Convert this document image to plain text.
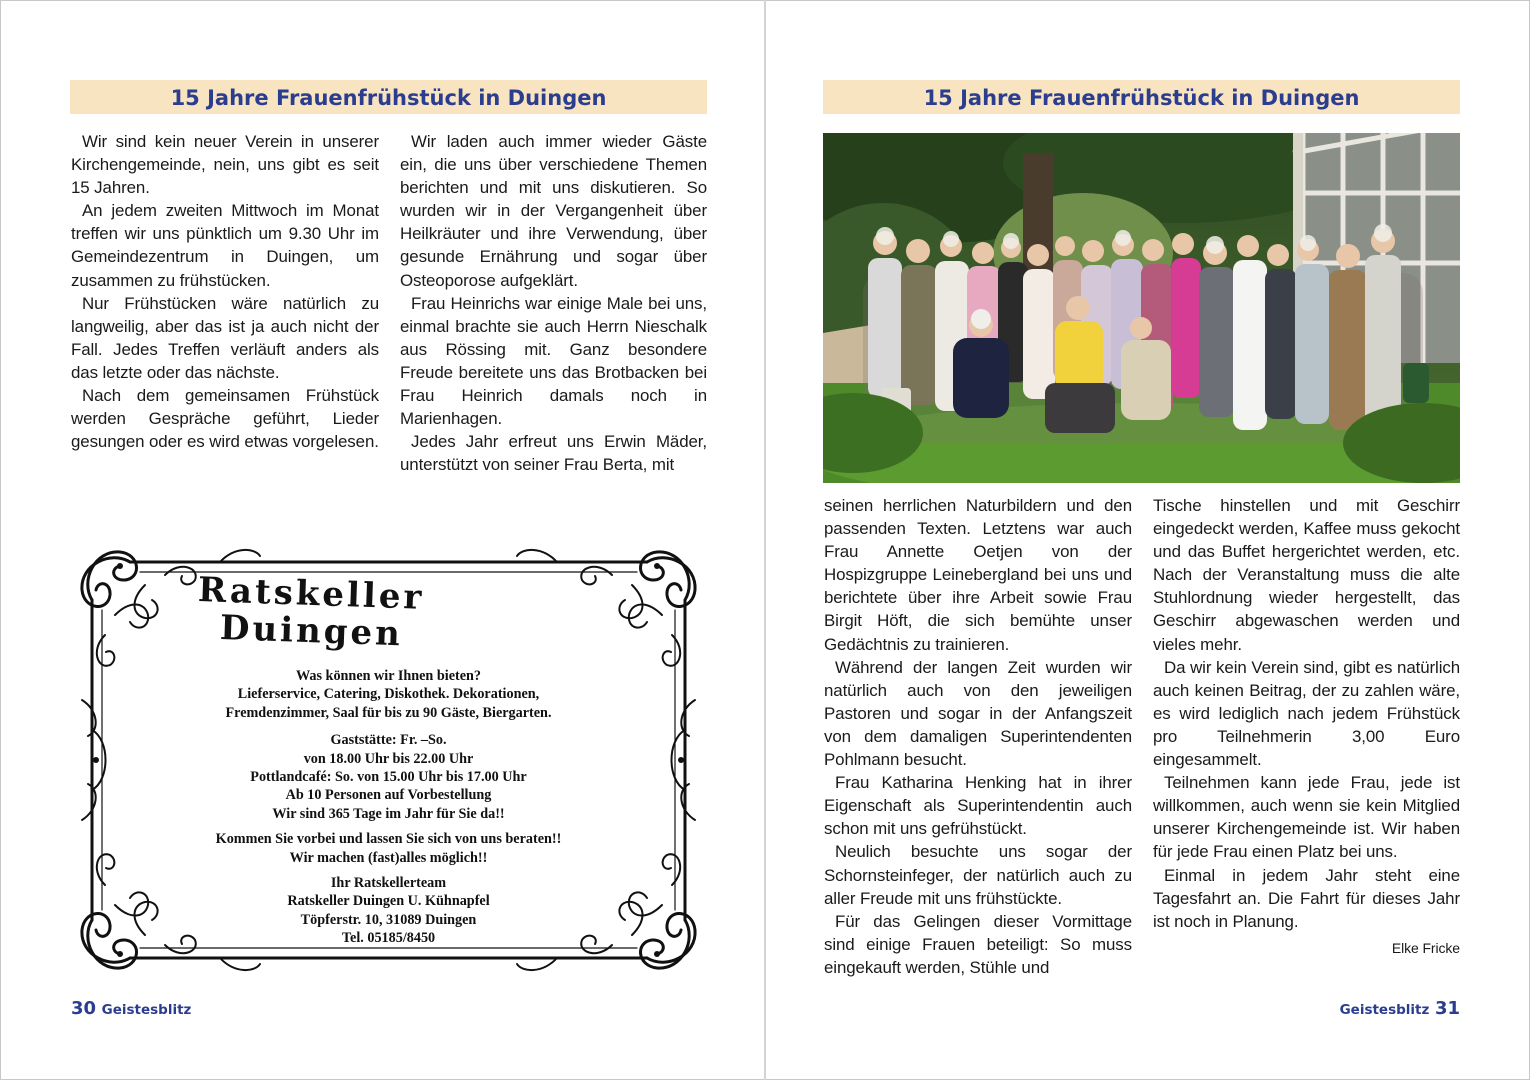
15 Jahre Frauenfrühstück in Duingen

Wir sind kein neuer Verein in unserer Kirchengemeinde, nein, uns gibt es seit 15 Jahren.

An jedem zweiten Mittwoch im Monat treffen wir uns pünktlich um 9.30 Uhr im Gemeindezentrum in Duingen, um zusammen zu frühstücken.

Nur Frühstücken wäre natürlich zu langweilig, aber das ist ja auch nicht der Fall. Jedes Treffen verläuft anders als das letzte oder das nächste.

Nach dem gemeinsamen Frühstück werden Gespräche geführt, Lieder gesungen oder es wird etwas vorgelesen.

Wir laden auch immer wieder Gäste ein, die uns über verschiedene Themen berichten und mit uns diskutieren. So wurden wir in der Vergangenheit über Heilkräuter und ihre Verwendung, über gesunde Ernährung und sogar über Osteoporose aufgeklärt.

Frau Heinrichs war einige Male bei uns, einmal brachte sie auch Herrn Nieschalk aus Rössing mit. Ganz besondere Freude bereitete uns das Brotbacken bei Frau Heinrich damals noch in Marienhagen.

Jedes Jahr erfreut uns Erwin Mäder, unterstützt von seiner Frau Berta, mit

Ratskeller
Duingen
Was können wir Ihnen bieten?
Lieferservice, Catering, Diskothek. Dekorationen,
Fremdenzimmer, Saal für bis zu 90 Gäste, Biergarten.
Gaststätte: Fr. –So.
von 18.00 Uhr bis 22.00 Uhr
Pottlandcafé: So. von 15.00 Uhr bis 17.00 Uhr
Ab 10 Personen auf Vorbestellung
Wir sind 365 Tage im Jahr für Sie da!!
Kommen Sie vorbei und lassen Sie sich von uns beraten!!
Wir machen (fast)alles möglich!!
Ihr Ratskellerteam
Ratskeller Duingen U. Kühnapfel
Töpferstr. 10, 31089 Duingen
Tel. 05185/8450
30 Geistesblitz
15 Jahre Frauenfrühstück in Duingen

seinen herrlichen Naturbildern und den passenden Texten. Letztens war auch Frau Annette Oetjen von der Hospizgruppe Leinebergland bei uns und berichtete über ihre Arbeit sowie Frau Birgit Höft, die sich bemühte unser Gedächtnis zu trainieren.

Während der langen Zeit wurden wir natürlich auch von den jeweiligen Pastoren und sogar in der Anfangszeit von dem damaligen Superintendenten Pohlmann besucht.

Frau Katharina Henking hat in ihrer Eigenschaft als Superintendentin auch schon mit uns gefrühstückt.

Neulich besuchte uns sogar der Schornsteinfeger, der natürlich auch zu aller Freude mit uns frühstückte.

Für das Gelingen dieser Vormittage sind einige Frauen beteiligt: So muss eingekauft werden, Stühle und

Tische hinstellen und mit Geschirr eingedeckt werden, Kaffee muss gekocht und das Buffet hergerichtet werden, etc. Nach der Veranstaltung muss die alte Stuhlordnung wieder hergestellt, das Geschirr abgewaschen werden und vieles mehr.

Da wir kein Verein sind, gibt es natürlich auch keinen Beitrag, der zu zahlen wäre, es wird lediglich nach jedem Frühstück pro Teilnehmerin 3,00 Euro eingesammelt.

Teilnehmen kann jede Frau, jede ist willkommen, auch wenn sie kein Mitglied unserer Kirchengemeinde ist. Wir haben für jede Frau einen Platz bei uns.

Einmal in jedem Jahr steht eine Tagesfahrt an. Die Fahrt für dieses Jahr ist noch in Planung.

Elke Fricke
Geistesblitz 31
